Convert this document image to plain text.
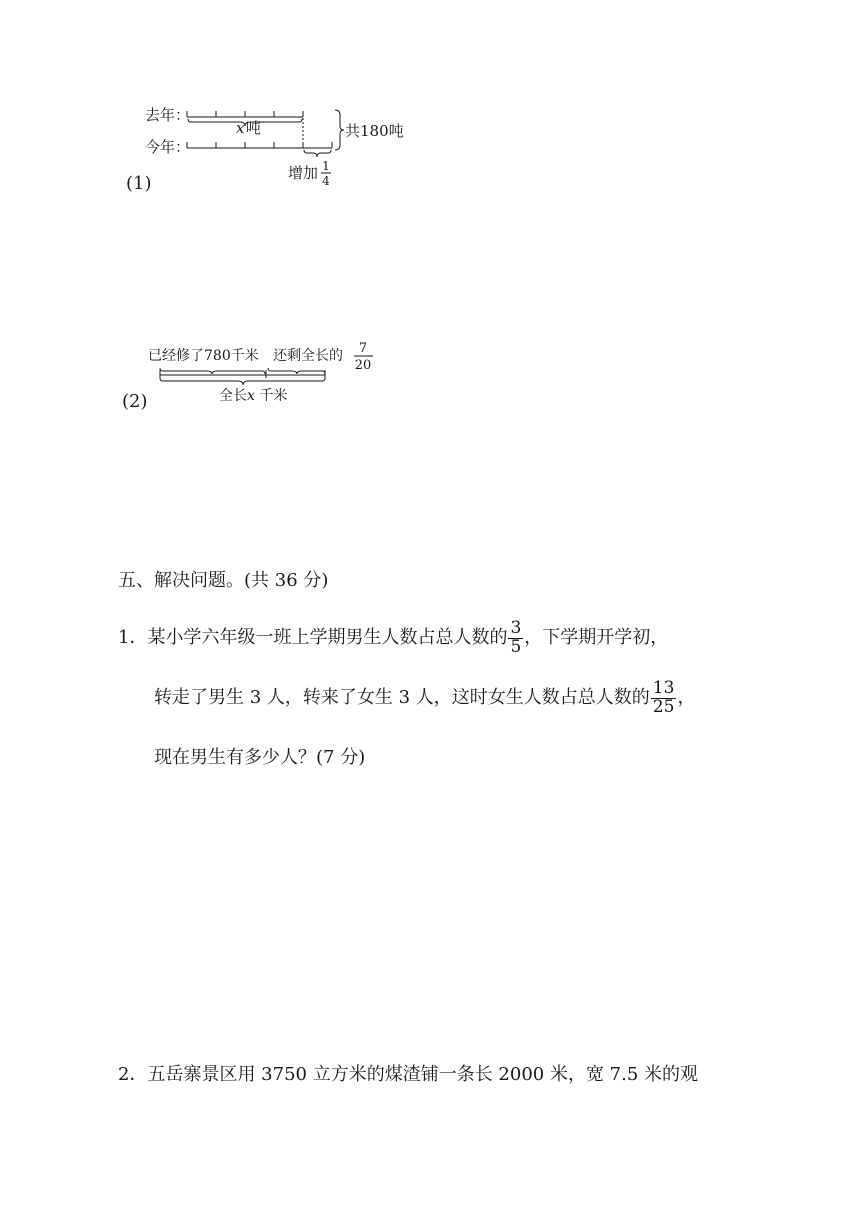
(1)
去年：
今年：
x 吨	共180吨
增加 1
4
(2)
已经修了780千米 还剩全长的 7
20
全长x 千米
五、解决问题。(共 36 分)
1． 某小学六年级一班上学期男生人数占总人数的 $\frac{3}{5}$ ，下学期开学初，
转走了男生 3 人，转来了女生 3 人，这时女生人数占总人数的 $\frac{13}{25}$ ，
现在男生有多少人？(7 分)
2．五岳寨景区用 3750 立方米的煤渣铺一条长 2000 米，宽 7.5 米的观
